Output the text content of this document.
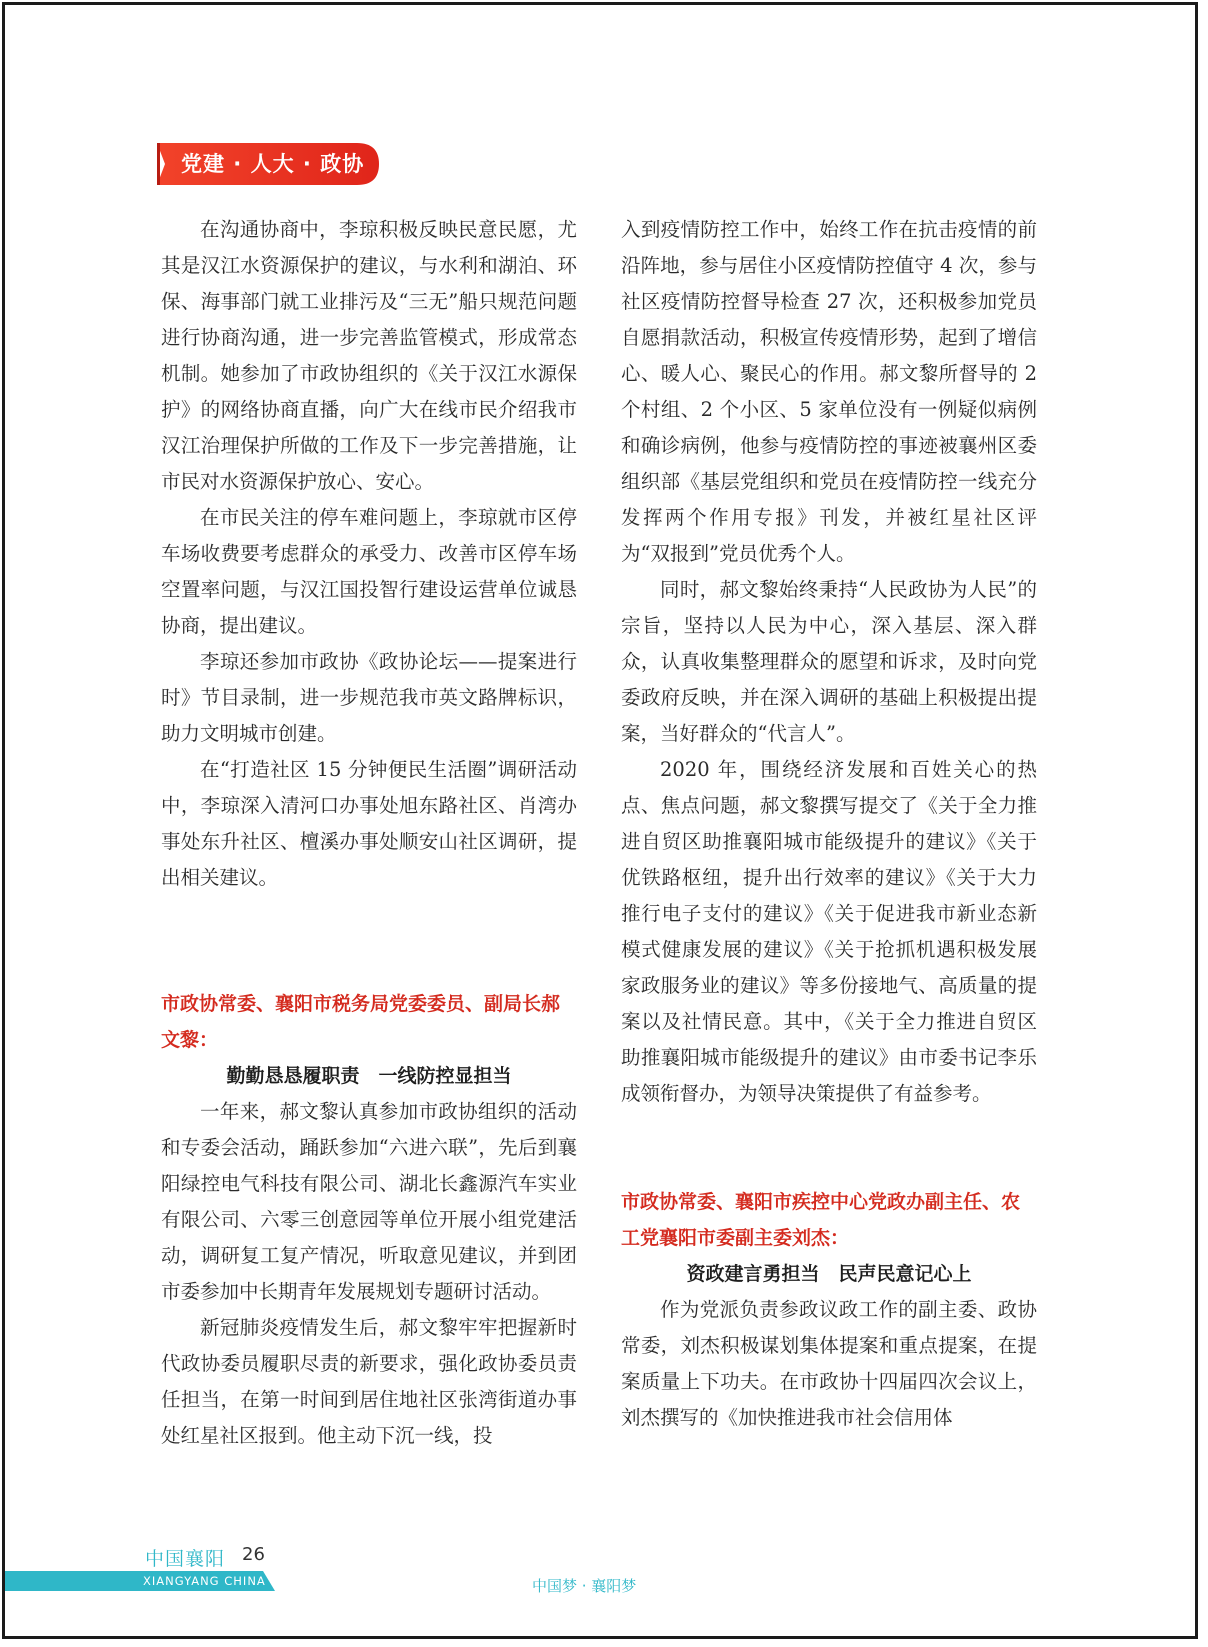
党建 · 人大 · 政协

在沟通协商中，李琼积极反映民意民愿，尤其是汉江水资源保护的建议，与水利和湖泊、环保、海事部门就工业排污及“三无”船只规范问题进行协商沟通，进一步完善监管模式，形成常态机制。她参加了市政协组织的《关于汉江水源保护》的网络协商直播，向广大在线市民介绍我市汉江治理保护所做的工作及下一步完善措施，让市民对水资源保护放心、安心。

在市民关注的停车难问题上，李琼就市区停车场收费要考虑群众的承受力、改善市区停车场空置率问题，与汉江国投智行建设运营单位诚恳协商，提出建议。

李琼还参加市政协《政协论坛——提案进行时》节目录制，进一步规范我市英文路牌标识，助力文明城市创建。

在“打造社区 15 分钟便民生活圈”调研活动中，李琼深入清河口办事处旭东路社区、肖湾办事处东升社区、檀溪办事处顺安山社区调研，提出相关建议。

市政协常委、襄阳市税务局党委委员、副局长郝文黎：
勤勤恳恳履职责　一线防控显担当

一年来，郝文黎认真参加市政协组织的活动和专委会活动，踊跃参加“六进六联”，先后到襄阳绿控电气科技有限公司、湖北长鑫源汽车实业有限公司、六零三创意园等单位开展小组党建活动，调研复工复产情况，听取意见建议，并到团市委参加中长期青年发展规划专题研讨活动。

新冠肺炎疫情发生后，郝文黎牢牢把握新时代政协委员履职尽责的新要求，强化政协委员责任担当，在第一时间到居住地社区张湾街道办事处红星社区报到。他主动下沉一线，投

入到疫情防控工作中，始终工作在抗击疫情的前沿阵地，参与居住小区疫情防控值守 4 次，参与社区疫情防控督导检查 27 次，还积极参加党员自愿捐款活动，积极宣传疫情形势，起到了增信心、暖人心、聚民心的作用。郝文黎所督导的 2 个村组、2 个小区、5 家单位没有一例疑似病例和确诊病例，他参与疫情防控的事迹被襄州区委组织部《基层党组织和党员在疫情防控一线充分发挥两个作用专报》刊发，并被红星社区评为“双报到”党员优秀个人。

同时，郝文黎始终秉持“人民政协为人民”的宗旨，坚持以人民为中心，深入基层、深入群众，认真收集整理群众的愿望和诉求，及时向党委政府反映，并在深入调研的基础上积极提出提案，当好群众的“代言人”。

2020 年，围绕经济发展和百姓关心的热点、焦点问题，郝文黎撰写提交了《关于全力推进自贸区助推襄阳城市能级提升的建议》《关于优铁路枢纽，提升出行效率的建议》《关于大力推行电子支付的建议》《关于促进我市新业态新模式健康发展的建议》《关于抢抓机遇积极发展家政服务业的建议》等多份接地气、高质量的提案以及社情民意。其中，《关于全力推进自贸区助推襄阳城市能级提升的建议》由市委书记李乐成领衔督办，为领导决策提供了有益参考。

市政协常委、襄阳市疾控中心党政办副主任、农工党襄阳市委副主委刘杰：
资政建言勇担当　民声民意记心上

作为党派负责参政议政工作的副主委、政协常委，刘杰积极谋划集体提案和重点提案，在提案质量上下功夫。在市政协十四届四次会议上，刘杰撰写的《加快推进我市社会信用体

中国襄阳 26
XIANGYANG CHINA	中国梦 · 襄阳梦
